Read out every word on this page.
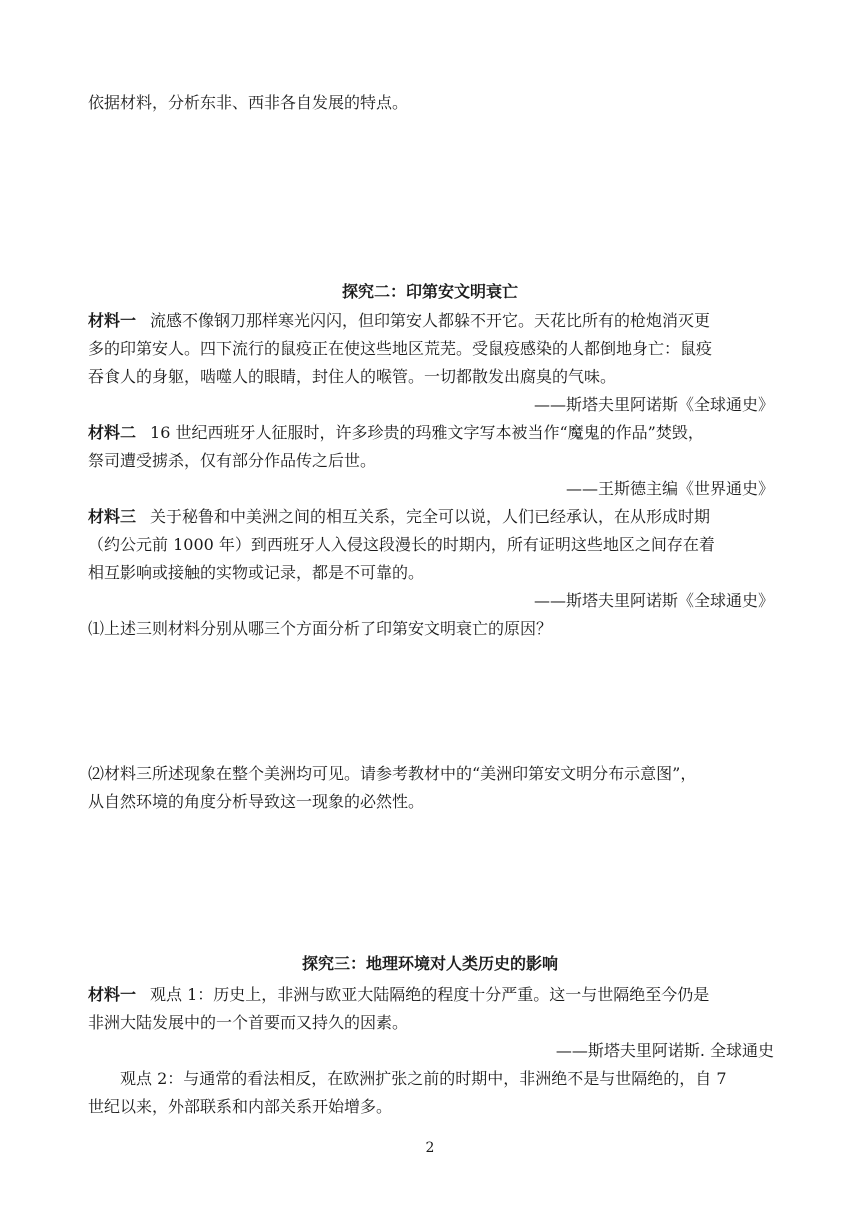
依据材料，分析东非、西非各自发展的特点。
探究二：印第安文明衰亡
材料一 流感不像钢刀那样寒光闪闪，但印第安人都躲不开它。天花比所有的枪炮消灭更
多的印第安人。四下流行的鼠疫正在使这些地区荒芜。受鼠疫感染的人都倒地身亡：鼠疫
吞食人的身躯，啮噬人的眼睛，封住人的喉管。一切都散发出腐臭的气味。
——斯塔夫里阿诺斯《全球通史》
材料二 16 世纪西班牙人征服时，许多珍贵的玛雅文字写本被当作“魔鬼的作品”焚毁，
祭司遭受掳杀，仅有部分作品传之后世。
——王斯德主编《世界通史》
材料三 关于秘鲁和中美洲之间的相互关系，完全可以说，人们已经承认，在从形成时期
（约公元前 1000 年）到西班牙人入侵这段漫长的时期内，所有证明这些地区之间存在着
相互影响或接触的实物或记录，都是不可靠的。
——斯塔夫里阿诺斯《全球通史》
⑴上述三则材料分别从哪三个方面分析了印第安文明衰亡的原因？
⑵材料三所述现象在整个美洲均可见。请参考教材中的“美洲印第安文明分布示意图”，
从自然环境的角度分析导致这一现象的必然性。
探究三：地理环境对人类历史的影响
材料一 观点 1：历史上，非洲与欧亚大陆隔绝的程度十分严重。这一与世隔绝至今仍是
非洲大陆发展中的一个首要而又持久的因素。
——斯塔夫里阿诺斯. 全球通史
观点 2：与通常的看法相反，在欧洲扩张之前的时期中，非洲绝不是与世隔绝的，自 7
世纪以来，外部联系和内部关系开始增多。
2
